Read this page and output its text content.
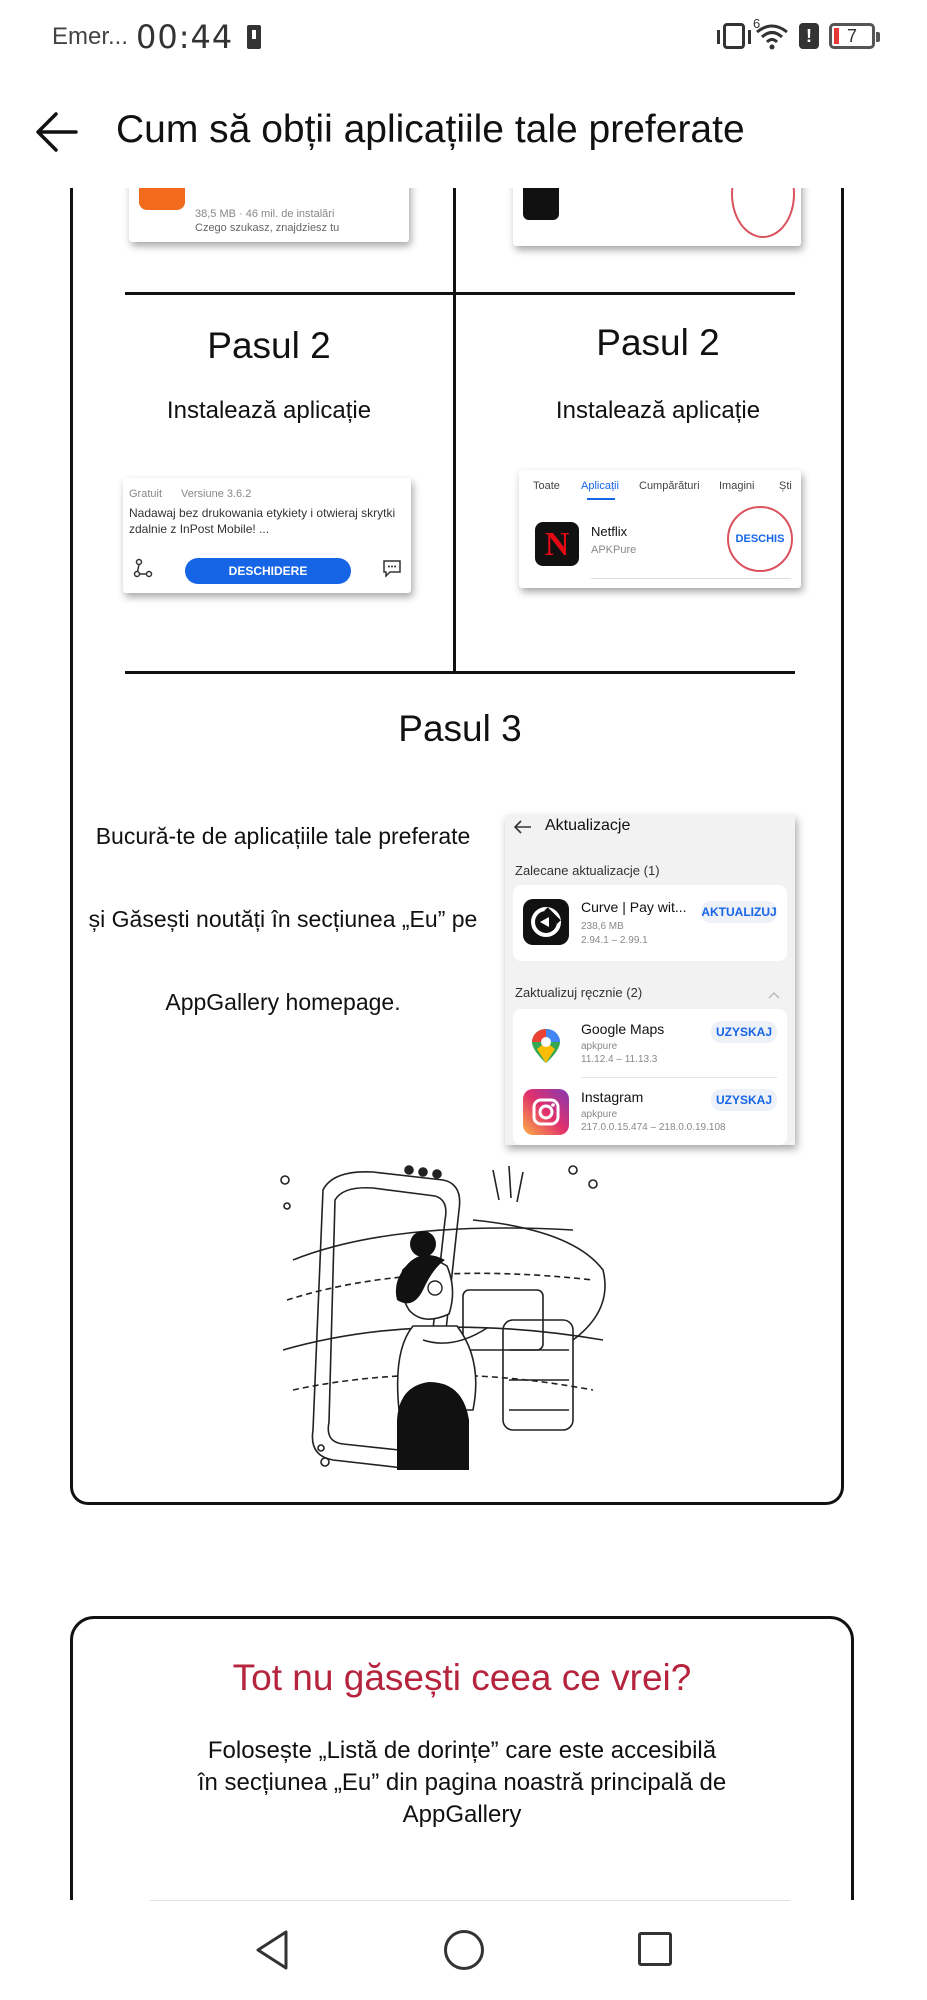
38,5 MB · 46 mil. de instalări
Czego szukasz, znajdziesz tu
Pasul 2
Instalează aplicație
Gratuit Versiune 3.6.2
Nadawaj bez drukowania etykiety i otwieraj skrytki
zdalnie z InPost Mobile! ...
DESCHIDERE
Pasul 2
Instalează aplicație
Toate Aplicații Cumpărături Imagini Ști
N	Netflix
APKPure
DESCHIS
Pasul 3
Bucură-te de aplicațiile tale preferate
și Găsești noutăți în secțiunea „Eu” pe
AppGallery homepage.
Aktualizacje
Zalecane aktualizacje (1)
Curve | Pay wit...
238,6 MB
2.94.1 – 2.99.1
AKTUALIZUJ
Zaktualizuj ręcznie (2)
Google Maps
apkpure
11.12.4 – 11.13.3
UZYSKAJ
Instagram
apkpure
217.0.0.15.474 – 218.0.0.19.108
UZYSKAJ
Tot nu găsești ceea ce vrei?
Folosește „Listă de dorințe” care este accesibilă
în secțiunea „Eu” din pagina noastră principală de
AppGallery
Emer... 00:44	6
!	7
Cum să obții aplicațiile tale preferate
